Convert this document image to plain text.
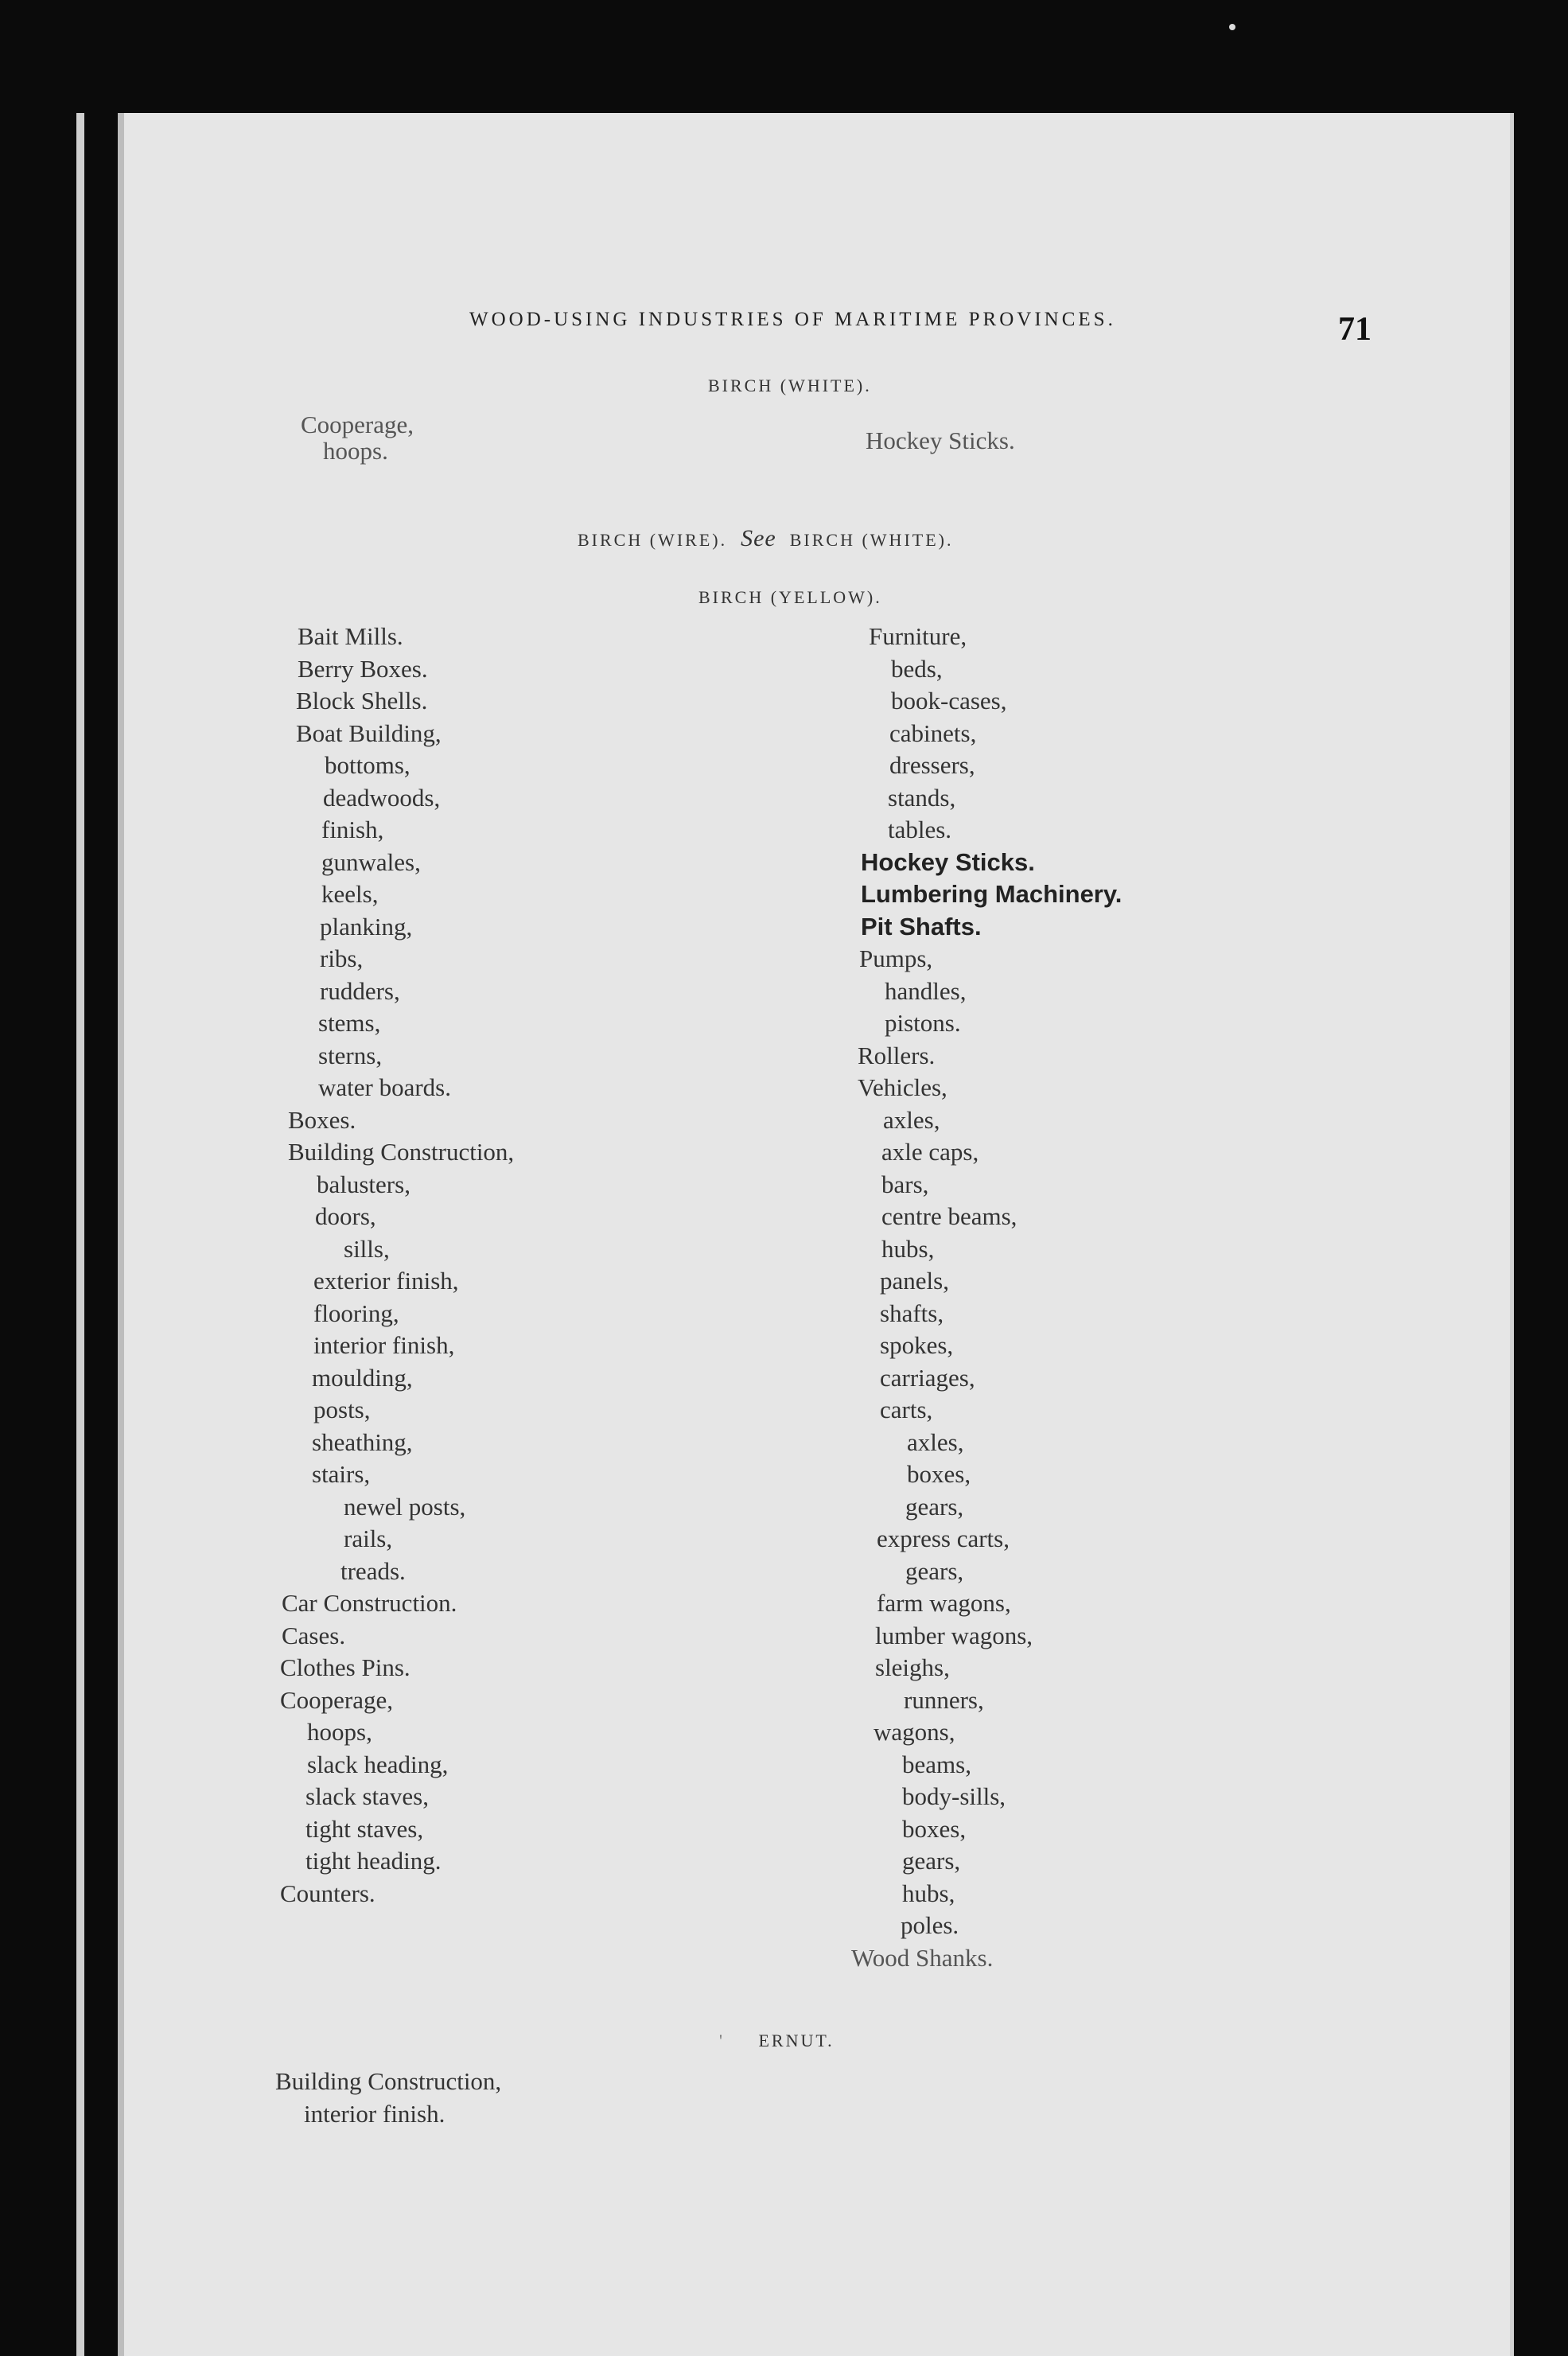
WOOD-USING INDUSTRIES OF MARITIME PROVINCES.	71
BIRCH (WHITE).
Cooperage,
hoops.	Hockey Sticks.
BIRCH (WIRE). See BIRCH (WHITE).
BIRCH (YELLOW).
Bait Mills.
Berry Boxes.
Block Shells.
Boat Building,
bottoms,
deadwoods,
finish,
gunwales,
keels,
planking,
ribs,
rudders,
stems,
sterns,
water boards.
Boxes.
Building Construction,
balusters,
doors,
sills,
exterior finish,
flooring,
interior finish,
moulding,
posts,
sheathing,
stairs,
newel posts,
rails,
treads.
Car Construction.
Cases.
Clothes Pins.
Cooperage,
hoops,
slack heading,
slack staves,
tight staves,
tight heading.
Counters.
Furniture,
beds,
book-cases,
cabinets,
dressers,
stands,
tables.
Hockey Sticks.
Lumbering Machinery.
Pit Shafts.
Pumps,
handles,
pistons.
Rollers.
Vehicles,
axles,
axle caps,
bars,
centre beams,
hubs,
panels,
shafts,
spokes,
carriages,
carts,
axles,
boxes,
gears,
express carts,
gears,
farm wagons,
lumber wagons,
sleighs,
runners,
wagons,
beams,
body-sills,
boxes,
gears,
hubs,
poles.
Wood Shanks.
' ERNUT.
Building Construction,
interior finish.
